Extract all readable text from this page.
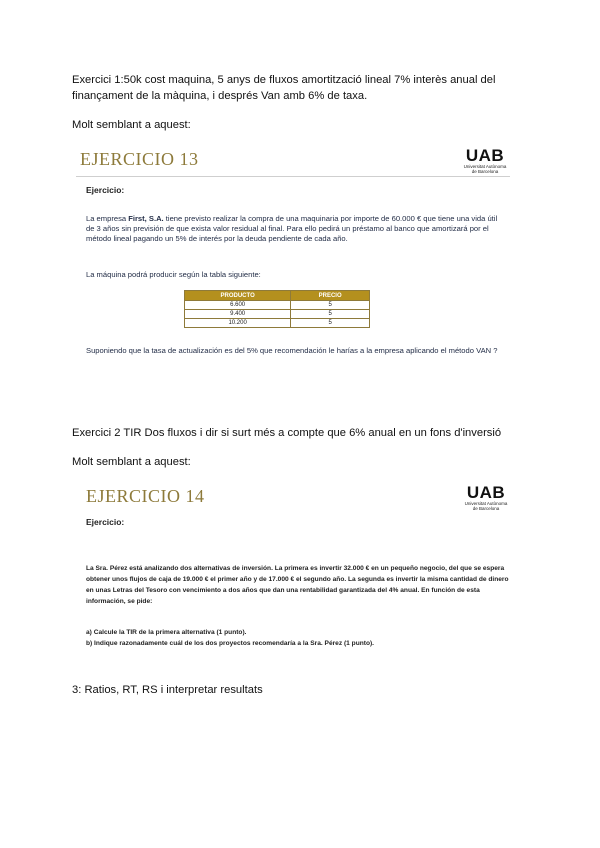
Exercici 1:50k cost maquina, 5 anys de fluxos amortització lineal 7% interès anual del finançament de la màquina, i després Van amb 6% de taxa.
Molt semblant a aquest:
EJERCICIO 13	UAB
Universitat Autònoma
de Barcelona
Ejercicio:
La empresa First, S.A. tiene previsto realizar la compra de una maquinaria por importe de 60.000 € que tiene una vida útil de 3 años sin previsión de que exista valor residual al final. Para ello pedirá un préstamo al banco que amortizará por el método lineal pagando un 5% de interés por la deuda pendiente de cada año.
La máquina podrá producir según la tabla siguiente:
PRODUCTO	PRECIO
6.600	5
9.400	5
10.200	5
Suponiendo que la tasa de actualización es del 5% que recomendación le harías a la empresa aplicando el método VAN ?
Exercici 2 TIR Dos fluxos i dir si surt més a compte que 6% anual en un fons d'inversió
Molt semblant a aquest:
EJERCICIO 14	UAB
Universitat Autònoma
de Barcelona
Ejercicio:
La Sra. Pérez está analizando dos alternativas de inversión. La primera es invertir 32.000 € en un pequeño negocio, del que se espera obtener unos flujos de caja de 19.000 € el primer año y de 17.000 € el segundo año. La segunda es invertir la misma cantidad de dinero en unas Letras del Tesoro con vencimiento a dos años que dan una rentabilidad garantizada del 4% anual. En función de esta información, se pide:
a) Calcule la TIR de la primera alternativa (1 punto).
b) Indique razonadamente cuál de los dos proyectos recomendaría a la Sra. Pérez (1 punto).
3: Ratios, RT, RS i interpretar resultats
